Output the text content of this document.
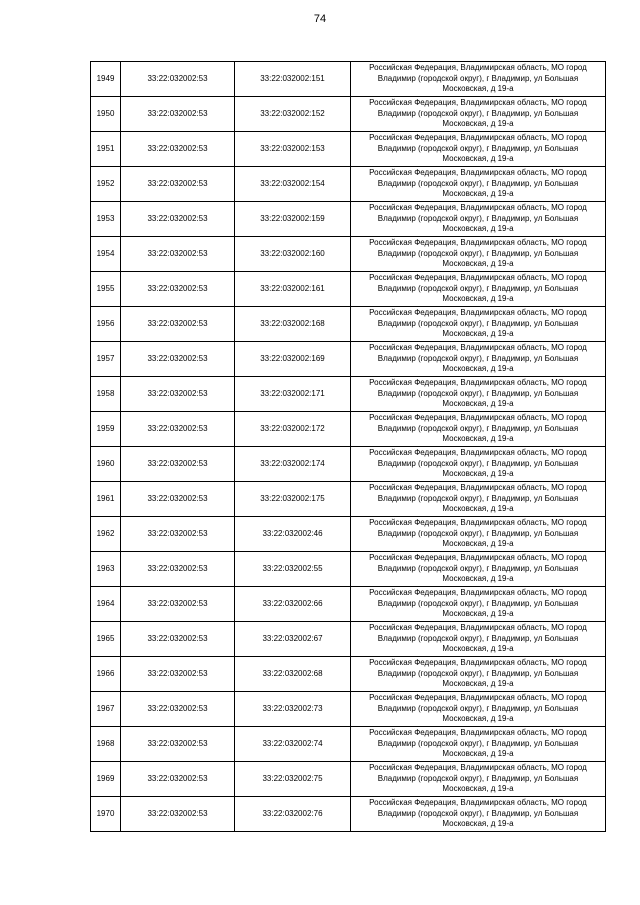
74
1949	33:22:032002:53	33:22:032002:151	Российская Федерация, Владимирская область, МО город Владимир (городской округ), г Владимир, ул Большая Московская, д 19-а
1950	33:22:032002:53	33:22:032002:152	Российская Федерация, Владимирская область, МО город Владимир (городской округ), г Владимир, ул Большая Московская, д 19-а
1951	33:22:032002:53	33:22:032002:153	Российская Федерация, Владимирская область, МО город Владимир (городской округ), г Владимир, ул Большая Московская, д 19-а
1952	33:22:032002:53	33:22:032002:154	Российская Федерация, Владимирская область, МО город Владимир (городской округ), г Владимир, ул Большая Московская, д 19-а
1953	33:22:032002:53	33:22:032002:159	Российская Федерация, Владимирская область, МО город Владимир (городской округ), г Владимир, ул Большая Московская, д 19-а
1954	33:22:032002:53	33:22:032002:160	Российская Федерация, Владимирская область, МО город Владимир (городской округ), г Владимир, ул Большая Московская, д 19-а
1955	33:22:032002:53	33:22:032002:161	Российская Федерация, Владимирская область, МО город Владимир (городской округ), г Владимир, ул Большая Московская, д 19-а
1956	33:22:032002:53	33:22:032002:168	Российская Федерация, Владимирская область, МО город Владимир (городской округ), г Владимир, ул Большая Московская, д 19-а
1957	33:22:032002:53	33:22:032002:169	Российская Федерация, Владимирская область, МО город Владимир (городской округ), г Владимир, ул Большая Московская, д 19-а
1958	33:22:032002:53	33:22:032002:171	Российская Федерация, Владимирская область, МО город Владимир (городской округ), г Владимир, ул Большая Московская, д 19-а
1959	33:22:032002:53	33:22:032002:172	Российская Федерация, Владимирская область, МО город Владимир (городской округ), г Владимир, ул Большая Московская, д 19-а
1960	33:22:032002:53	33:22:032002:174	Российская Федерация, Владимирская область, МО город Владимир (городской округ), г Владимир, ул Большая Московская, д 19-а
1961	33:22:032002:53	33:22:032002:175	Российская Федерация, Владимирская область, МО город Владимир (городской округ), г Владимир, ул Большая Московская, д 19-а
1962	33:22:032002:53	33:22:032002:46	Российская Федерация, Владимирская область, МО город Владимир (городской округ), г Владимир, ул Большая Московская, д 19-а
1963	33:22:032002:53	33:22:032002:55	Российская Федерация, Владимирская область, МО город Владимир (городской округ), г Владимир, ул Большая Московская, д 19-а
1964	33:22:032002:53	33:22:032002:66	Российская Федерация, Владимирская область, МО город Владимир (городской округ), г Владимир, ул Большая Московская, д 19-а
1965	33:22:032002:53	33:22:032002:67	Российская Федерация, Владимирская область, МО город Владимир (городской округ), г Владимир, ул Большая Московская, д 19-а
1966	33:22:032002:53	33:22:032002:68	Российская Федерация, Владимирская область, МО город Владимир (городской округ), г Владимир, ул Большая Московская, д 19-а
1967	33:22:032002:53	33:22:032002:73	Российская Федерация, Владимирская область, МО город Владимир (городской округ), г Владимир, ул Большая Московская, д 19-а
1968	33:22:032002:53	33:22:032002:74	Российская Федерация, Владимирская область, МО город Владимир (городской округ), г Владимир, ул Большая Московская, д 19-а
1969	33:22:032002:53	33:22:032002:75	Российская Федерация, Владимирская область, МО город Владимир (городской округ), г Владимир, ул Большая Московская, д 19-а
1970	33:22:032002:53	33:22:032002:76	Российская Федерация, Владимирская область, МО город Владимир (городской округ), г Владимир, ул Большая Московская, д 19-а
